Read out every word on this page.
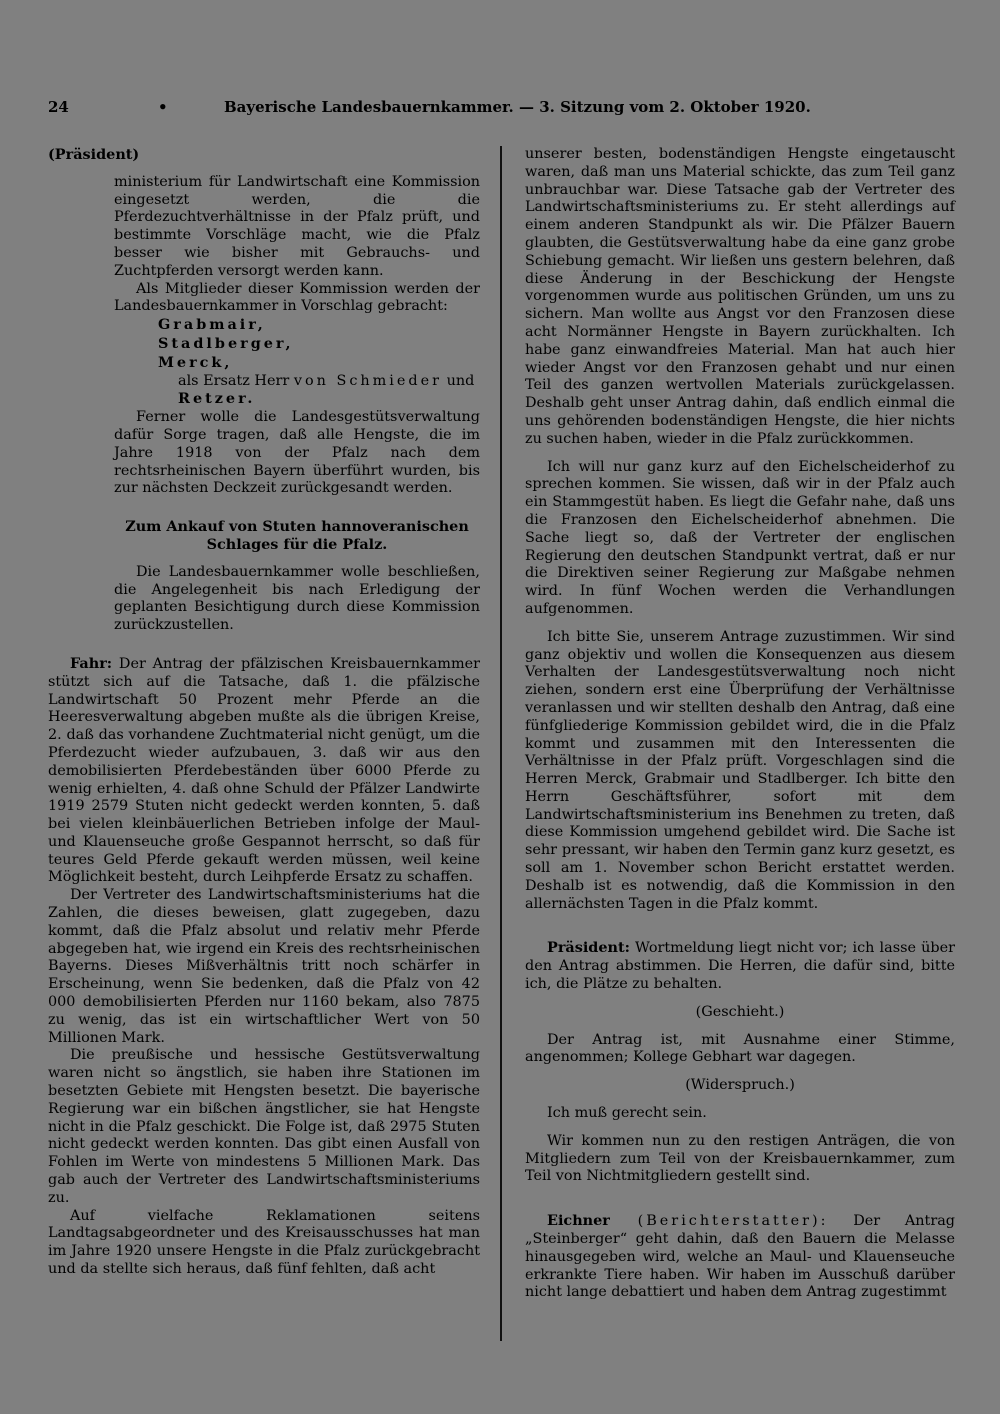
24	•	Bayerische Landesbauernkammer. — 3. Sitzung vom 2. Oktober 1920.

(Präsident)

ministerium für Landwirtschaft eine Kommission eingesetzt werden, die die Pferdezuchtverhältnisse in der Pfalz prüft, und bestimmte Vorschläge macht, wie die Pfalz besser wie bisher mit Gebrauchs- und Zuchtpferden versorgt werden kann.

Als Mitglieder dieser Kommission werden der Landesbauernkammer in Vorschlag gebracht:

Grabmair,

Stadlberger,

Merck,

als Ersatz Herr von Schmieder und

Retzer.

Ferner wolle die Landesgestütsverwaltung dafür Sorge tragen, daß alle Hengste, die im Jahre 1918 von der Pfalz nach dem rechtsrheinischen Bayern überführt wurden, bis zur nächsten Deckzeit zurückgesandt werden.

Zum Ankauf von Stuten hannoveranischen Schlages für die Pfalz.

Die Landesbauernkammer wolle beschließen, die Angelegenheit bis nach Erledigung der geplanten Besichtigung durch diese Kommission zurückzustellen.

Fahr: Der Antrag der pfälzischen Kreisbauernkammer stützt sich auf die Tatsache, daß 1. die pfälzische Landwirtschaft 50 Prozent mehr Pferde an die Heeresverwaltung abgeben mußte als die übrigen Kreise, 2. daß das vorhandene Zuchtmaterial nicht genügt, um die Pferdezucht wieder aufzubauen, 3. daß wir aus den demobilisierten Pferdebeständen über 6000 Pferde zu wenig erhielten, 4. daß ohne Schuld der Pfälzer Landwirte 1919 2579 Stuten nicht gedeckt werden konnten, 5. daß bei vielen kleinbäuerlichen Betrieben infolge der Maul- und Klauenseuche große Gespannot herrscht, so daß für teures Geld Pferde gekauft werden müssen, weil keine Möglichkeit besteht, durch Leihpferde Ersatz zu schaffen.

Der Vertreter des Landwirtschaftsministeriums hat die Zahlen, die dieses beweisen, glatt zugegeben, dazu kommt, daß die Pfalz absolut und relativ mehr Pferde abgegeben hat, wie irgend ein Kreis des rechtsrheinischen Bayerns. Dieses Mißverhältnis tritt noch schärfer in Erscheinung, wenn Sie bedenken, daß die Pfalz von 42 000 demobilisierten Pferden nur 1160 bekam, also 7875 zu wenig, das ist ein wirtschaftlicher Wert von 50 Millionen Mark.

Die preußische und hessische Gestütsverwaltung waren nicht so ängstlich, sie haben ihre Stationen im besetzten Gebiete mit Hengsten besetzt. Die bayerische Regierung war ein bißchen ängstlicher, sie hat Hengste nicht in die Pfalz geschickt. Die Folge ist, daß 2975 Stuten nicht gedeckt werden konnten. Das gibt einen Ausfall von Fohlen im Werte von mindestens 5 Millionen Mark. Das gab auch der Vertreter des Landwirtschaftsministeriums zu.

Auf vielfache Reklamationen seitens Landtagsabgeordneter und des Kreisausschusses hat man im Jahre 1920 unsere Hengste in die Pfalz zurückgebracht und da stellte sich heraus, daß fünf fehlten, daß acht

unserer besten, bodenständigen Hengste eingetauscht waren, daß man uns Material schickte, das zum Teil ganz unbrauchbar war. Diese Tatsache gab der Vertreter des Landwirtschaftsministeriums zu. Er steht allerdings auf einem anderen Standpunkt als wir. Die Pfälzer Bauern glaubten, die Gestütsverwaltung habe da eine ganz grobe Schiebung gemacht. Wir ließen uns gestern belehren, daß diese Änderung in der Beschickung der Hengste vorgenommen wurde aus politischen Gründen, um uns zu sichern. Man wollte aus Angst vor den Franzosen diese acht Normänner Hengste in Bayern zurückhalten. Ich habe ganz einwandfreies Material. Man hat auch hier wieder Angst vor den Franzosen gehabt und nur einen Teil des ganzen wertvollen Materials zurückgelassen. Deshalb geht unser Antrag dahin, daß endlich einmal die uns gehörenden bodenständigen Hengste, die hier nichts zu suchen haben, wieder in die Pfalz zurückkommen.

Ich will nur ganz kurz auf den Eichelscheiderhof zu sprechen kommen. Sie wissen, daß wir in der Pfalz auch ein Stammgestüt haben. Es liegt die Gefahr nahe, daß uns die Franzosen den Eichelscheiderhof abnehmen. Die Sache liegt so, daß der Vertreter der englischen Regierung den deutschen Standpunkt vertrat, daß er nur die Direktiven seiner Regierung zur Maßgabe nehmen wird. In fünf Wochen werden die Verhandlungen aufgenommen.

Ich bitte Sie, unserem Antrage zuzustimmen. Wir sind ganz objektiv und wollen die Konsequenzen aus diesem Verhalten der Landesgestütsverwaltung noch nicht ziehen, sondern erst eine Überprüfung der Verhältnisse veranlassen und wir stellten deshalb den Antrag, daß eine fünfgliederige Kommission gebildet wird, die in die Pfalz kommt und zusammen mit den Interessenten die Verhältnisse in der Pfalz prüft. Vorgeschlagen sind die Herren Merck, Grabmair und Stadlberger. Ich bitte den Herrn Geschäftsführer, sofort mit dem Landwirtschaftsministerium ins Benehmen zu treten, daß diese Kommission umgehend gebildet wird. Die Sache ist sehr pressant, wir haben den Termin ganz kurz gesetzt, es soll am 1. November schon Bericht erstattet werden. Deshalb ist es notwendig, daß die Kommission in den allernächsten Tagen in die Pfalz kommt.

Präsident: Wortmeldung liegt nicht vor; ich lasse über den Antrag abstimmen. Die Herren, die dafür sind, bitte ich, die Plätze zu behalten.

(Geschieht.)

Der Antrag ist, mit Ausnahme einer Stimme, angenommen; Kollege Gebhart war dagegen.

(Widerspruch.)

Ich muß gerecht sein.

Wir kommen nun zu den restigen Anträgen, die von Mitgliedern zum Teil von der Kreisbauernkammer, zum Teil von Nichtmitgliedern gestellt sind.

Eichner (Berichterstatter): Der Antrag „Steinberger“ geht dahin, daß den Bauern die Melasse hinausgegeben wird, welche an Maul- und Klauenseuche erkrankte Tiere haben. Wir haben im Ausschuß darüber nicht lange debattiert und haben dem Antrag zugestimmt
